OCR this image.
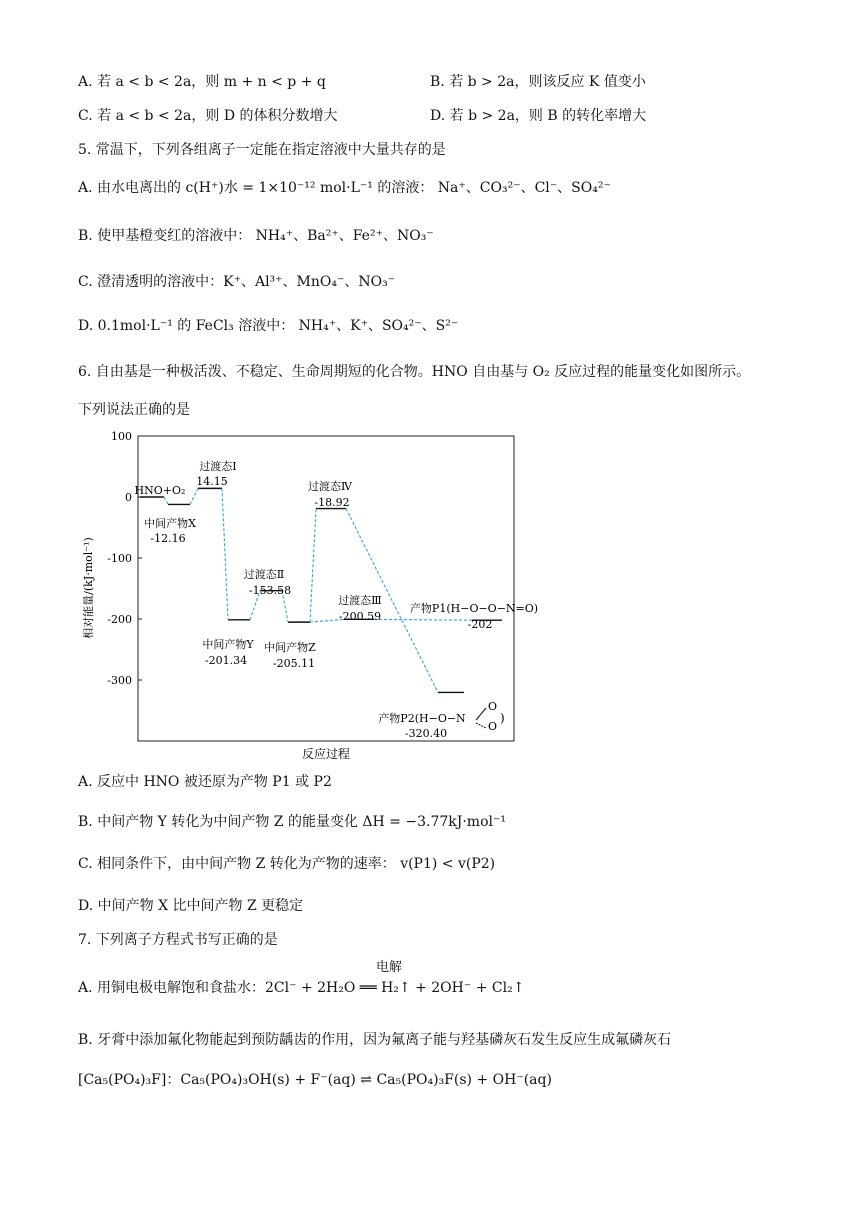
A. 若 a < b < 2a，则 m + n < p + q	B. 若 b > 2a，则该反应 K 值变小
C. 若 a < b < 2a，则 D 的体积分数增大	D. 若 b > 2a，则 B 的转化率增大
5. 常温下，下列各组离子一定能在指定溶液中大量共存的是
A. 由水电离出的 c(H⁺)水 = 1×10⁻¹² mol·L⁻¹ 的溶液： Na⁺、CO₃²⁻、Cl⁻、SO₄²⁻
B. 使甲基橙变红的溶液中： NH₄⁺、Ba²⁺、Fe²⁺、NO₃⁻
C. 澄清透明的溶液中：K⁺、Al³⁺、MnO₄⁻、NO₃⁻
D. 0.1mol·L⁻¹ 的 FeCl₃ 溶液中： NH₄⁺、K⁺、SO₄²⁻、S²⁻
6. 自由基是一种极活泼、不稳定、生命周期短的化合物。HNO 自由基与 O₂ 反应过程的能量变化如图所示。
下列说法正确的是
A. 反应中 HNO 被还原为产物 P1 或 P2
B. 中间产物 Y 转化为中间产物 Z 的能量变化 ΔH = −3.77kJ·mol⁻¹
C. 相同条件下，由中间产物 Z 转化为产物的速率： v(P1) < v(P2)
D. 中间产物 X 比中间产物 Z 更稳定
7. 下列离子方程式书写正确的是
A. 用铜电极电解饱和食盐水：2Cl⁻ + 2H₂O ══ H₂↑ + 2OH⁻ + Cl₂↑
B. 牙膏中添加氟化物能起到预防龋齿的作用，因为氟离子能与羟基磷灰石发生反应生成氟磷灰石
[Ca₅(PO₄)₃F]：Ca₅(PO₄)₃OH(s) + F⁻(aq) ⇌ Ca₅(PO₄)₃F(s) + OH⁻(aq)
电解
100
0
-100
-200
-300
HNO+O₂
中间产物X
-12.16
过渡态Ⅰ
14.15
中间产物Y
-201.34
过渡态Ⅱ
-153.58
中间产物Z
-205.11
过渡态Ⅲ
-200.59
过渡态Ⅳ
-18.92
产物P1(H−O−O−N=O)
-202
产物P2(H−O−N
-320.40
O
O
)
相对能量/(kJ·mol⁻¹)
反应过程
